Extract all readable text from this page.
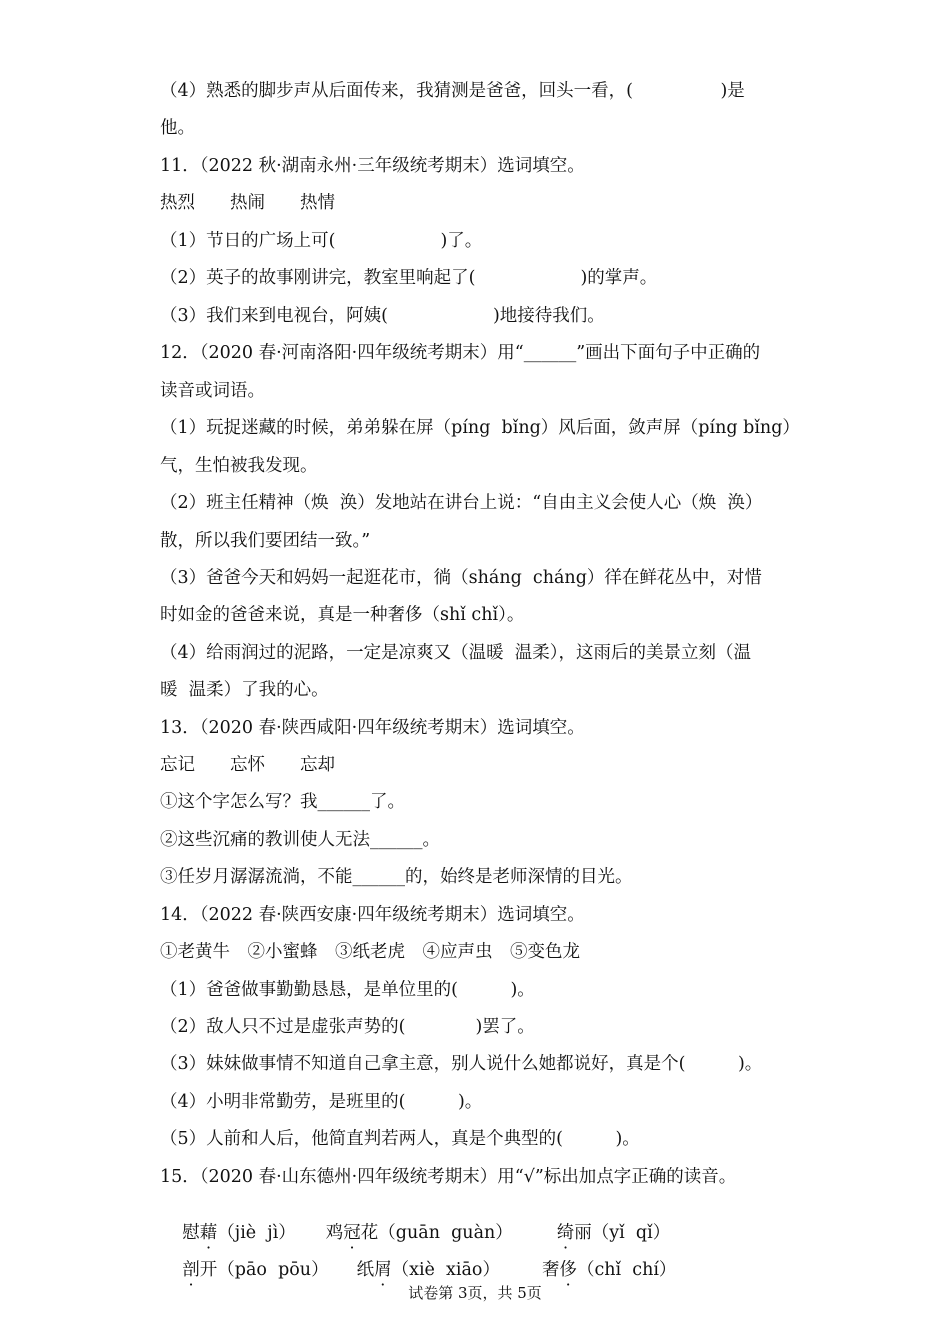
（4）熟悉的脚步声从后面传来，我猜测是爸爸，回头一看，(　　　　　)是
他。
11．（2022 秋·湖南永州·三年级统考期末）选词填空。
热烈　　热闹　　热情
（1）节日的广场上可(　　　　　　)了。
（2）英子的故事刚讲完，教室里响起了(　　　　　　)的掌声。
（3）我们来到电视台，阿姨(　　　　　　)地接待我们。
12．（2020 春·河南洛阳·四年级统考期末）用“______”画出下面句子中正确的
读音或词语。
（1）玩捉迷藏的时候，弟弟躲在屏（píng  bǐng）风后面，敛声屏（píng bǐng）
气，生怕被我发现。
（2）班主任精神（焕  涣）发地站在讲台上说：“自由主义会使人心（焕  涣）
散，所以我们要团结一致。”
（3）爸爸今天和妈妈一起逛花市，徜（sháng  cháng）徉在鲜花丛中，对惜
时如金的爸爸来说，真是一种奢侈（shǐ chǐ）。
（4）给雨润过的泥路，一定是凉爽又（温暖  温柔），这雨后的美景立刻（温
暖  温柔）了我的心。
13．（2020 春·陕西咸阳·四年级统考期末）选词填空。
忘记　　忘怀　　忘却
①这个字怎么写？我______了。
②这些沉痛的教训使人无法______。
③任岁月潺潺流淌，不能______的，始终是老师深情的目光。
14．（2022 春·陕西安康·四年级统考期末）选词填空。
①老黄牛　②小蜜蜂　③纸老虎　④应声虫　⑤变色龙
（1）爸爸做事勤勤恳恳，是单位里的(　　　)。
（2）敌人只不过是虚张声势的(　　　　)罢了。
（3）妹妹做事情不知道自己拿主意，别人说什么她都说好，真是个(　　　)。
（4）小明非常勤劳，是班里的(　　　)。
（5）人前和人后，他简直判若两人，真是个典型的(　　　)。
15．（2020 春·山东德州·四年级统考期末）用“√”标出加点字正确的读音。

慰藉（jiè  jì） 鸡冠花（guān  guàn）	绮丽（yǐ  qǐ）

剖开（pāo  pōu） 纸屑（xiè  xiāo） 奢侈（chǐ  chí）

试卷第 3页，共 5页
